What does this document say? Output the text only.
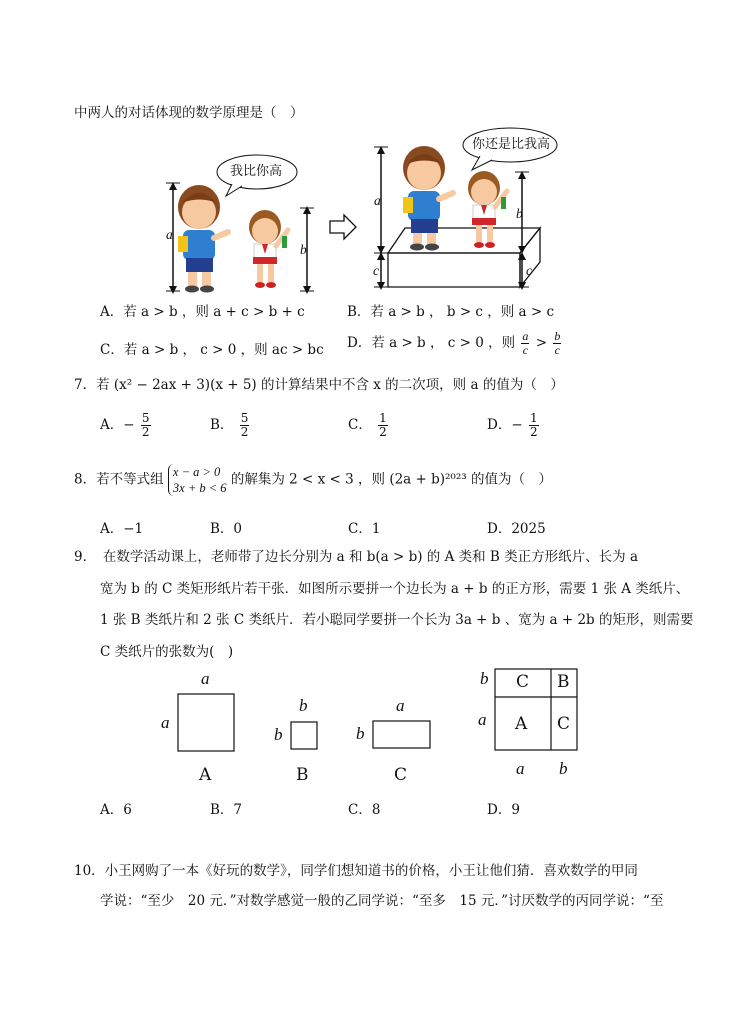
中两人的对话体现的数学原理是（　）
我比你高
你还是比我高
a
b
a
c
b
c
A．若 a > b ，则 a + c > b + c	B．若 a > b ， b > c ，则 a > c
C．若 a > b ， c > 0 ，则 ac > bc D．若 a > b ， c > 0 ，则 $\frac{a}{c} > \frac{b}{c}$
7．若 (x² − 2ax + 3)(x + 5) 的计算结果中不含 x 的二次项，则 a 的值为（　）
A．− $\frac{5}{2}$	B． $\frac{5}{2}$	C． $\frac{1}{2}$	D．− $\frac{1}{2}$
8．若不等式组 x − a > 0
3x + b < 6
的解集为 2 < x < 3 ，则 (2a + b)²⁰²³ 的值为（　）
A．−1	B．0	C．1	D．2025
9．　在数学活动课上，老师带了边长分别为 a 和 b(a > b) 的 A 类和 B 类正方形纸片、长为 a
宽为 b 的 C 类矩形纸片若干张．如图所示要拼一个边长为 a + b 的正方形，需要 1 张 A 类纸片、
1 张 B 类纸片和 2 张 C 类纸片．若小聪同学要拼一个长为 3a + b 、宽为 a + 2b 的矩形，则需要
C 类纸片的张数为(　)
a
a
A
b
b
B
a
b
C
b
a
C B
A C
a b
A．6	B．7	C．8	D．9
10．小王网购了一本《好玩的数学》，同学们想知道书的价格，小王让他们猜．喜欢数学的甲同
学说：“至少　20 元．”对数学感觉一般的乙同学说：“至多　15 元．”讨厌数学的丙同学说：“至
